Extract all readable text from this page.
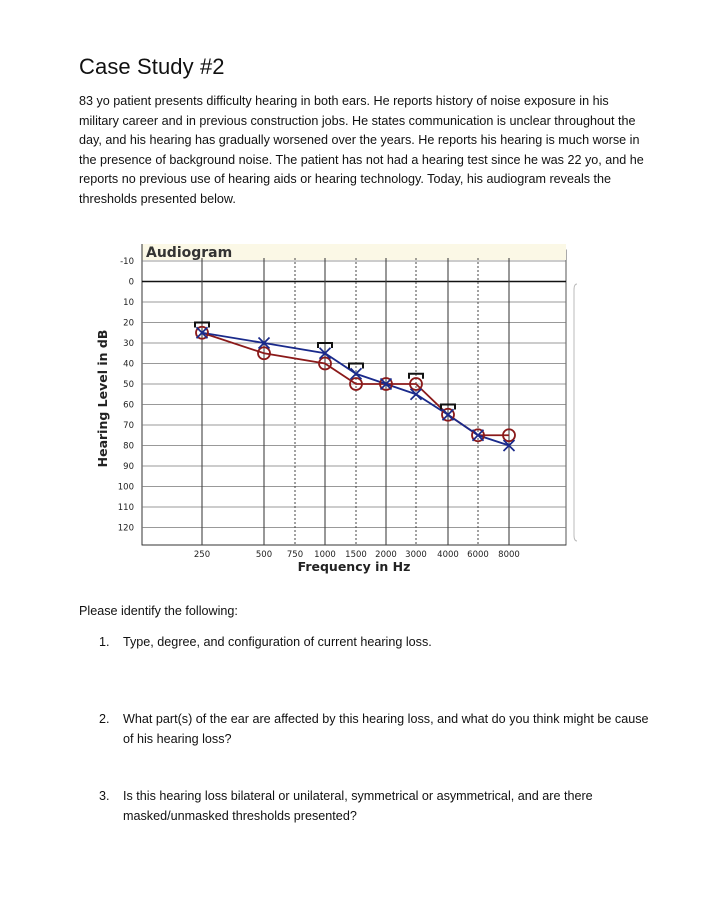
Case Study #2

83 yo patient presents difficulty hearing in both ears. He reports history of noise exposure in his military career and in previous construction jobs. He states communication is unclear throughout the day, and his hearing has gradually worsened over the years. He reports his hearing is much worse in the presence of background noise. The patient has not had a hearing test since he was 22 yo, and he reports no previous use of hearing aids or hearing technology. Today, his audiogram reveals the thresholds presented below.

-10
0
10
20
30
40
50
60
70
80
90
100
110
120
250	500 750 1000 1500 2000 3000 4000 6000 8000
Audiogram
Frequency in Hz
Hearing Level in dB

Please identify the following:

1.	Type, degree, and configuration of current hearing loss.
2.	What part(s) of the ear are affected by this hearing loss, and what do you think might be cause of his hearing loss?
3.	Is this hearing loss bilateral or unilateral, symmetrical or asymmetrical, and are there masked/unmasked thresholds presented?
